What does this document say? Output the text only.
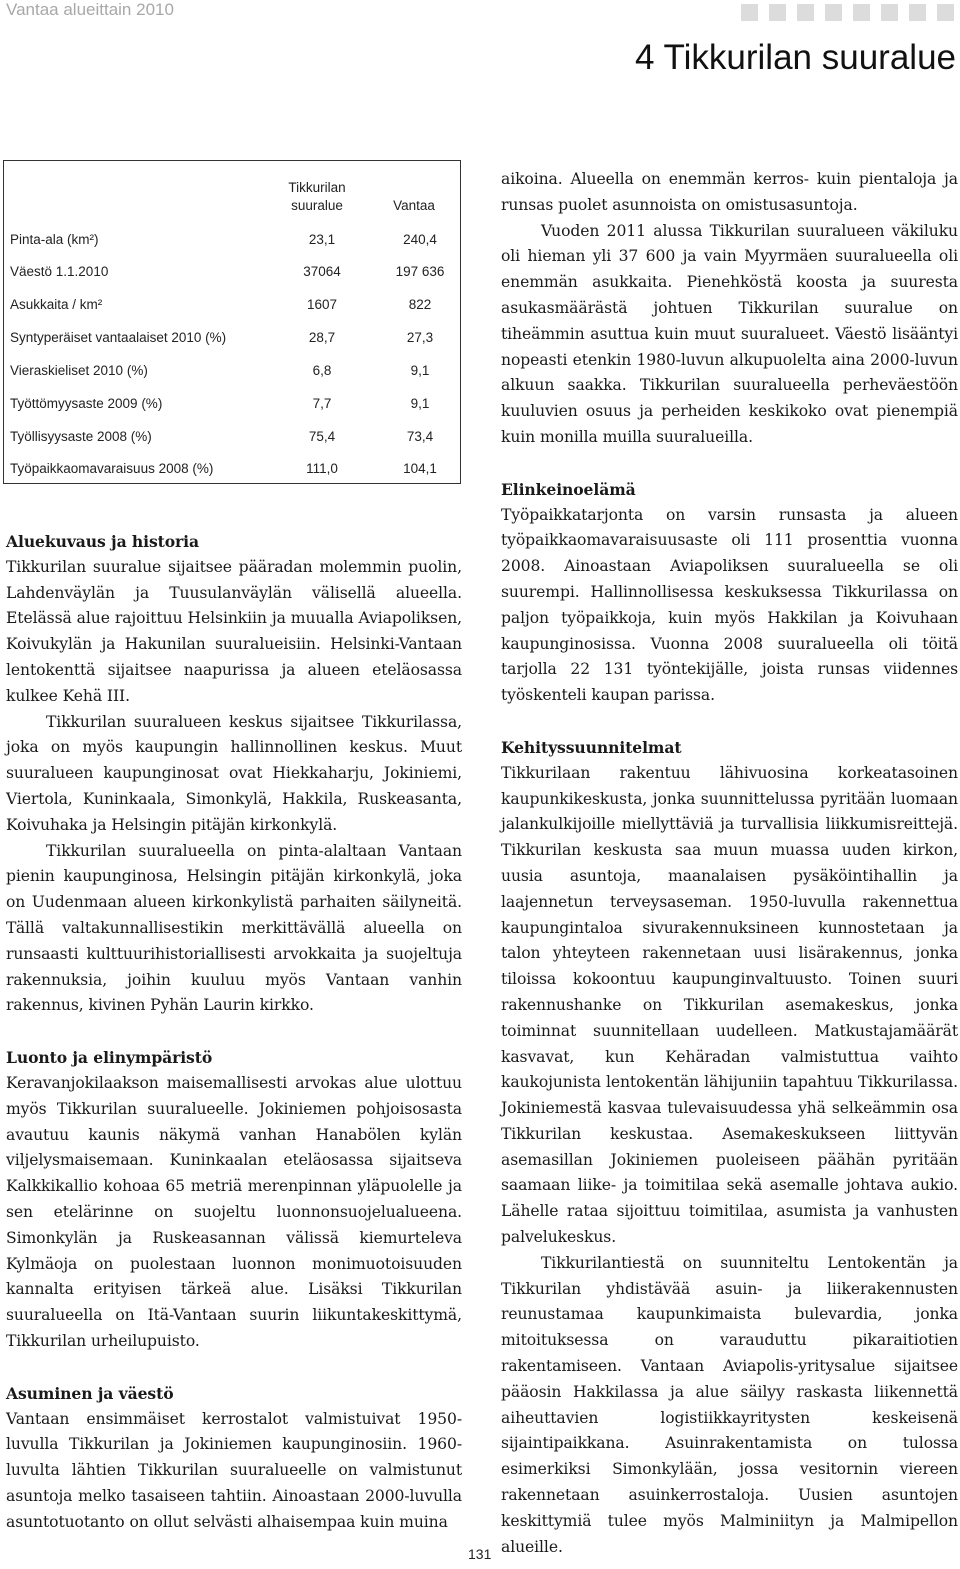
Vantaa alueittain 2010
4 Tikkurilan suuralue
Tikkurilan
suuralue	Vantaa
Pinta-ala (km²)	23,1	240,4
Väestö 1.1.2010	37064	197 636
Asukkaita / km²	1607	822
Syntyperäiset vantaalaiset 2010 (%)	28,7	27,3
Vieraskieliset 2010 (%)	6,8	9,1
Työttömyysaste 2009 (%)	7,7	9,1
Työllisyysaste 2008 (%)	75,4	73,4
Työpaikkaomavaraisuus 2008 (%)	111,0	104,1
Aluekuvaus ja historia

Tikkurilan suuralue sijaitsee pääradan molemmin puolin, Lahdenväylän ja Tuusulanväylän välisellä alueella. Etelässä alue rajoittuu Helsinkiin ja muualla Aviapoliksen, Koivukylän ja Hakunilan suuralueisiin. Helsinki-Vantaan lentokenttä sijaitsee naapurissa ja alueen eteläosassa kulkee Kehä III.

Tikkurilan suuralueen keskus sijaitsee Tikkurilassa, joka on myös kaupungin hallinnollinen keskus. Muut suuralueen kaupunginosat ovat Hiekkaharju, Jokiniemi, Viertola, Kuninkaala, Simonkylä, Hakkila, Ruskeasanta, Koivuhaka ja Helsingin pitäjän kirkonkylä.

Tikkurilan suuralueella on pinta-alaltaan Vantaan pienin kaupunginosa, Helsingin pitäjän kirkonkylä, joka on Uudenmaan alueen kirkonkylistä parhaiten säilyneitä. Tällä valtakunnallisestikin merkittävällä alueella on runsaasti kulttuurihistoriallisesti arvokkaita ja suojeltuja rakennuksia, joihin kuuluu myös Vantaan vanhin rakennus, kivinen Pyhän Laurin kirkko.

Luonto ja elinympäristö

Keravanjokilaakson maisemallisesti arvokas alue ulottuu myös Tikkurilan suuralueelle. Jokiniemen pohjoisosasta avautuu kaunis näkymä vanhan Hanabölen kylän viljelysmaisemaan. Kuninkaalan eteläosassa sijaitseva Kalkkikallio kohoaa 65 metriä merenpinnan yläpuolelle ja sen etelärinne on suojeltu luonnonsuojelualueena. Simonkylän ja Ruskeasannan välissä kiemurteleva Kylmäoja on puolestaan luonnon monimuotoisuuden kannalta erityisen tärkeä alue. Lisäksi Tikkurilan suuralueella on Itä-Vantaan suurin liikuntakeskittymä, Tikkurilan urheilupuisto.

Asuminen ja väestö

Vantaan ensimmäiset kerrostalot valmistuivat 1950-luvulla Tikkurilan ja Jokiniemen kaupunginosiin. 1960-luvulta lähtien Tikkurilan suuralueelle on valmistunut asuntoja melko tasaiseen tahtiin. Ainoastaan 2000-luvulla asuntotuotanto on ollut selvästi alhaisempaa kuin muina

aikoina. Alueella on enemmän kerros- kuin pientaloja ja runsas puolet asunnoista on omistusasuntoja.

Vuoden 2011 alussa Tikkurilan suuralueen väkiluku oli hieman yli 37 600 ja vain Myyrmäen suuralueella oli enemmän asukkaita. Pienehköstä koosta ja suuresta asukasmäärästä johtuen Tikkurilan suuralue on tiheämmin asuttua kuin muut suuralueet. Väestö lisääntyi nopeasti etenkin 1980-luvun alkupuolelta aina 2000-luvun alkuun saakka. Tikkurilan suuralueella perheväestöön kuuluvien osuus ja perheiden keskikoko ovat pienempiä kuin monilla muilla suuralueilla.

Elinkeinoelämä

Työpaikkatarjonta on varsin runsasta ja alueen työpaikkaomavaraisuusaste oli 111 prosenttia vuonna 2008. Ainoastaan Aviapoliksen suuralueella se oli suurempi. Hallinnollisessa keskuksessa Tikkurilassa on paljon työpaikkoja, kuin myös Hakkilan ja Koivuhaan kaupunginosissa. Vuonna 2008 suuralueella oli töitä tarjolla 22 131 työntekijälle, joista runsas viidennes työskenteli kaupan parissa.

Kehityssuunnitelmat

Tikkurilaan rakentuu lähivuosina korkeatasoinen kaupunkikeskusta, jonka suunnittelussa pyritään luomaan jalankulkijoille miellyttäviä ja turvallisia liikkumisreittejä. Tikkurilan keskusta saa muun muassa uuden kirkon, uusia asuntoja, maanalaisen pysäköintihallin ja laajennetun terveysaseman. 1950-luvulla rakennettua kaupungintaloa sivurakennuksineen kunnostetaan ja talon yhteyteen rakennetaan uusi lisärakennus, jonka tiloissa kokoontuu kaupunginvaltuusto. Toinen suuri rakennushanke on Tikkurilan asemakeskus, jonka toiminnat suunnitellaan uudelleen. Matkustajamäärät kasvavat, kun Kehäradan valmistuttua vaihto kaukojunista lentokentän lähijuniin tapahtuu Tikkurilassa. Jokiniemestä kasvaa tulevaisuudessa yhä selkeämmin osa Tikkurilan keskustaa. Asemakeskukseen liittyvän asemasillan Jokiniemen puoleiseen päähän pyritään saamaan liike- ja toimitilaa sekä asemalle johtava aukio. Lähelle rataa sijoittuu toimitilaa, asumista ja vanhusten palvelukeskus.

Tikkurilantiestä on suunniteltu Lentokentän ja Tikkurilan yhdistävää asuin- ja liikerakennusten reunustamaa kaupunkimaista bulevardia, jonka mitoituksessa on varauduttu pikaraitiotien rakentamiseen. Vantaan Aviapolis-yritysalue sijaitsee pääosin Hakkilassa ja alue säilyy raskasta liikennettä aiheuttavien logistiikkayritysten keskeisenä sijaintipaikkana. Asuinrakentamista on tulossa esimerkiksi Simonkylään, jossa vesitornin viereen rakennetaan asuinkerrostaloja. Uusien asuntojen keskittymiä tulee myös Malminiityn ja Malmipellon alueille.

131
